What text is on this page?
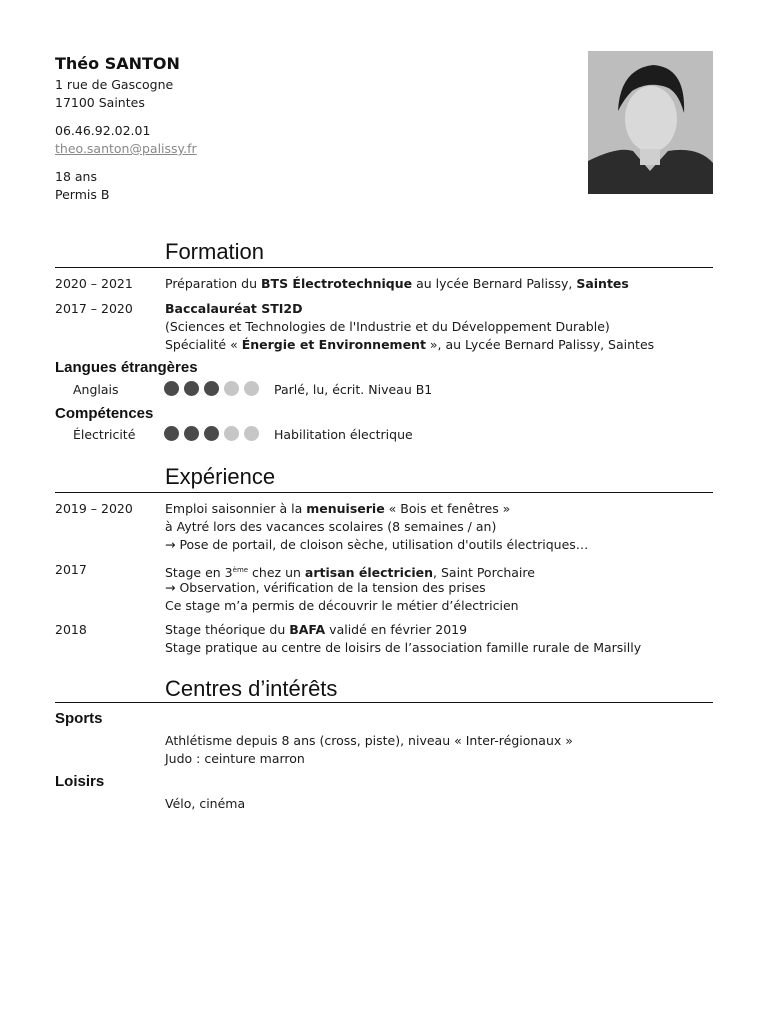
Théo SANTON
1 rue de Gascogne
17100 Saintes
06.46.92.02.01
theo.santon@palissy.fr
18 ans
Permis B
Formation
2020 – 2021	Préparation du BTS Électrotechnique au lycée Bernard Palissy, Saintes
2017 – 2020	Baccalauréat STI2D
(Sciences et Technologies de l'Industrie et du Développement Durable)
Spécialité « Énergie et Environnement », au Lycée Bernard Palissy, Saintes
Langues étrangères
Anglais	Parlé, lu, écrit. Niveau B1
Compétences
Électricité	Habilitation électrique
Expérience
2019 – 2020	Emploi saisonnier à la menuiserie « Bois et fenêtres »
à Aytré lors des vacances scolaires (8 semaines / an)
→ Pose de portail, de cloison sèche, utilisation d'outils électriques…
2017	Stage en 3ème chez un artisan électricien, Saint Porchaire
→ Observation, vérification de la tension des prises
Ce stage m’a permis de découvrir le métier d’électricien
2018	Stage théorique du BAFA validé en février 2019
Stage pratique au centre de loisirs de l’association famille rurale de Marsilly
Centres d’intérêts
Sports
Athlétisme depuis 8 ans (cross, piste), niveau « Inter-régionaux »
Judo : ceinture marron
Loisirs
Vélo, cinéma
